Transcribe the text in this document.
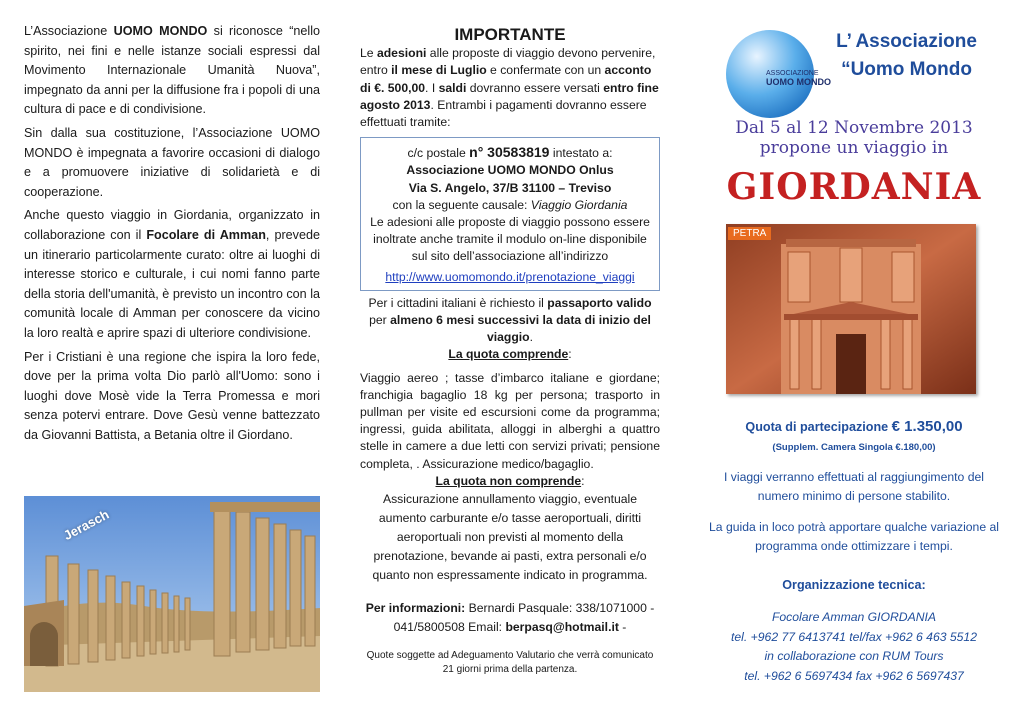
L’Associazione UOMO MONDO si riconosce “nello spirito, nei fini e nelle istanze sociali espressi dal Movimento Internazionale Umanità Nuova”, impegnato da anni per la diffusione fra i popoli di una cultura di pace e di condivisione.

Sin dalla sua costituzione, l’Associazione UOMO MONDO è impegnata a favorire occasioni di dialogo e a promuovere iniziative di solidarietà e di cooperazione.

Anche questo viaggio in Giordania, organizzato in collaborazione con il Focolare di Amman, prevede un itinerario particolarmente curato: oltre ai luoghi di interesse storico e culturale, i cui nomi fanno parte della storia dell'umanità, è previsto un incontro con la comunità locale di Amman per conoscere da vicino la loro realtà e aprire spazi di ulteriore condivisione.

Per i Cristiani è una regione che ispira la loro fede, dove per la prima volta Dio parlò all'Uomo: sono i luoghi dove Mosè vide la Terra Promessa e mori senza potervi entrare. Dove Gesù venne battezzato da Giovanni Battista, a Betania oltre il Giordano.

Jerasch
IMPORTANTE

Le adesioni alle proposte di viaggio devono pervenire, entro il mese di Luglio e confermate con un acconto di €. 500,00. I saldi dovranno essere versati entro fine agosto 2013. Entrambi i pagamenti dovranno essere effettuati tramite:

c/c postale n° 30583819 intestato a:
Associazione UOMO MONDO Onlus
Via S. Angelo, 37/B 31100 – Treviso
con la seguente causale: Viaggio Giordania
Le adesioni alle proposte di viaggio possono essere inoltrate anche tramite il modulo on-line disponibile sul sito dell’associazione all’indirizzo
http://www.uomomondo.it/prenotazione_viaggi

Per i cittadini italiani è richiesto il passaporto valido per almeno 6 mesi successivi la data di inizio del viaggio.

La quota comprende:

Viaggio aereo ; tasse d’imbarco italiane e giordane; franchigia bagaglio 18 kg per persona; trasporto in pullman per visite ed escursioni come da programma; ingressi, guida abilitata, alloggi in alberghi a quattro stelle in camere a due letti con servizi privati; pensione completa, . Assicurazione medico/bagaglio.

La quota non comprende:

Assicurazione annullamento viaggio, eventuale aumento carburante e/o tasse aeroportuali, diritti aeroportuali non previsti al momento della prenotazione, bevande ai pasti, extra personali e/o quanto non espressamente indicato in programma.

Per informazioni: Bernardi Pasquale: 338/1071000 - 041/5800508 Email: berpasq@hotmail.it -

Quote soggette ad Adeguamento Valutario che verrà comunicato 21 giorni prima della partenza.

ASSOCIAZIONE
UOMO MONDO
L’ Associazione
“Uomo Mondo
Dal 5 al 12 Novembre 2013
propone un viaggio in
GIORDANIA
PETRA
Quota di partecipazione € 1.350,00
(Supplem. Camera Singola €.180,00)
I viaggi verranno effettuati al raggiungimento del numero minimo di persone stabilito.
La guida in loco potrà apportare qualche variazione al programma onde ottimizzare i tempi.
Organizzazione tecnica:
Focolare Amman GIORDANIA
tel. +962 77 6413741 tel/fax +962 6 463 5512
in collaborazione con RUM Tours
tel. +962 6 5697434 fax +962 6 5697437
